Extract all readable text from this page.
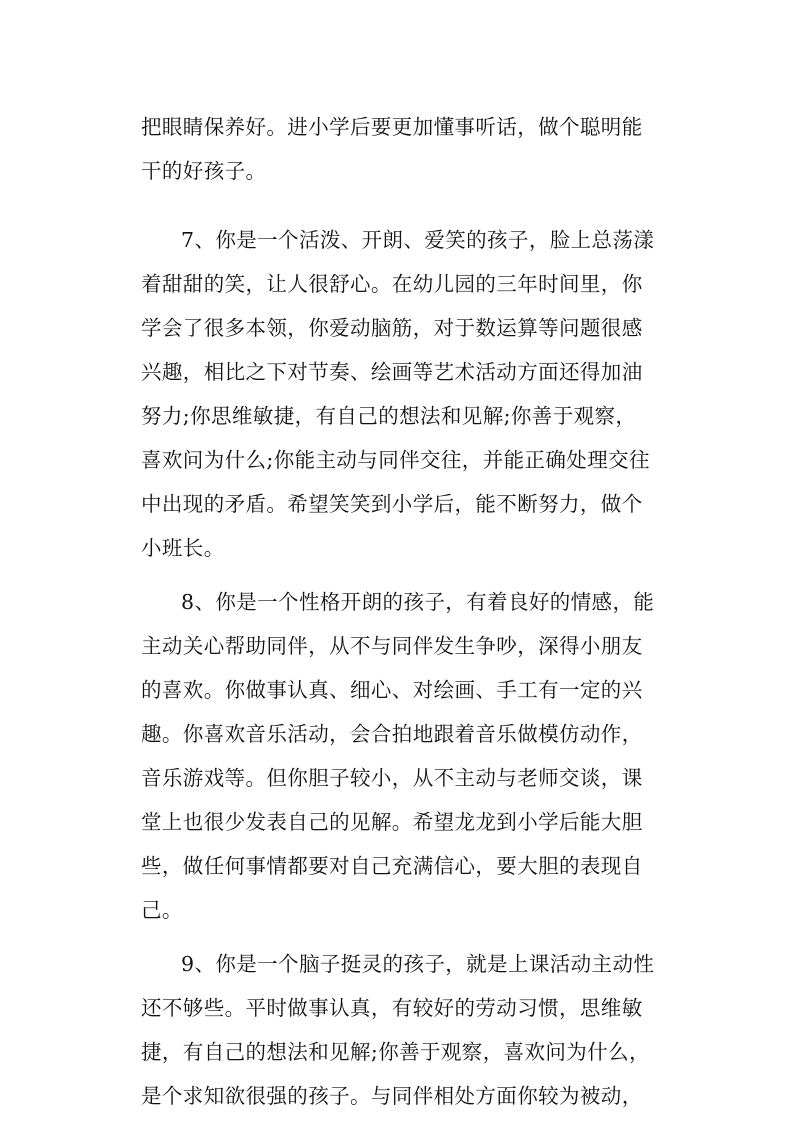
把眼睛保养好。进小学后要更加懂事听话，做个聪明能
干的好孩子。
7、你是一个活泼、开朗、爱笑的孩子，脸上总荡漾
着甜甜的笑，让人很舒心。在幼儿园的三年时间里，你
学会了很多本领，你爱动脑筋，对于数运算等问题很感
兴趣，相比之下对节奏、绘画等艺术活动方面还得加油
努力;你思维敏捷，有自己的想法和见解;你善于观察，
喜欢问为什么;你能主动与同伴交往，并能正确处理交往
中出现的矛盾。希望笑笑到小学后，能不断努力，做个
小班长。
8、你是一个性格开朗的孩子，有着良好的情感，能
主动关心帮助同伴，从不与同伴发生争吵，深得小朋友
的喜欢。你做事认真、细心、对绘画、手工有一定的兴
趣。你喜欢音乐活动，会合拍地跟着音乐做模仿动作，
音乐游戏等。但你胆子较小，从不主动与老师交谈，课
堂上也很少发表自己的见解。希望龙龙到小学后能大胆
些，做任何事情都要对自己充满信心，要大胆的表现自
己。
9、你是一个脑子挺灵的孩子，就是上课活动主动性
还不够些。平时做事认真，有较好的劳动习惯，思维敏
捷，有自己的想法和见解;你善于观察，喜欢问为什么，
是个求知欲很强的孩子。与同伴相处方面你较为被动，
